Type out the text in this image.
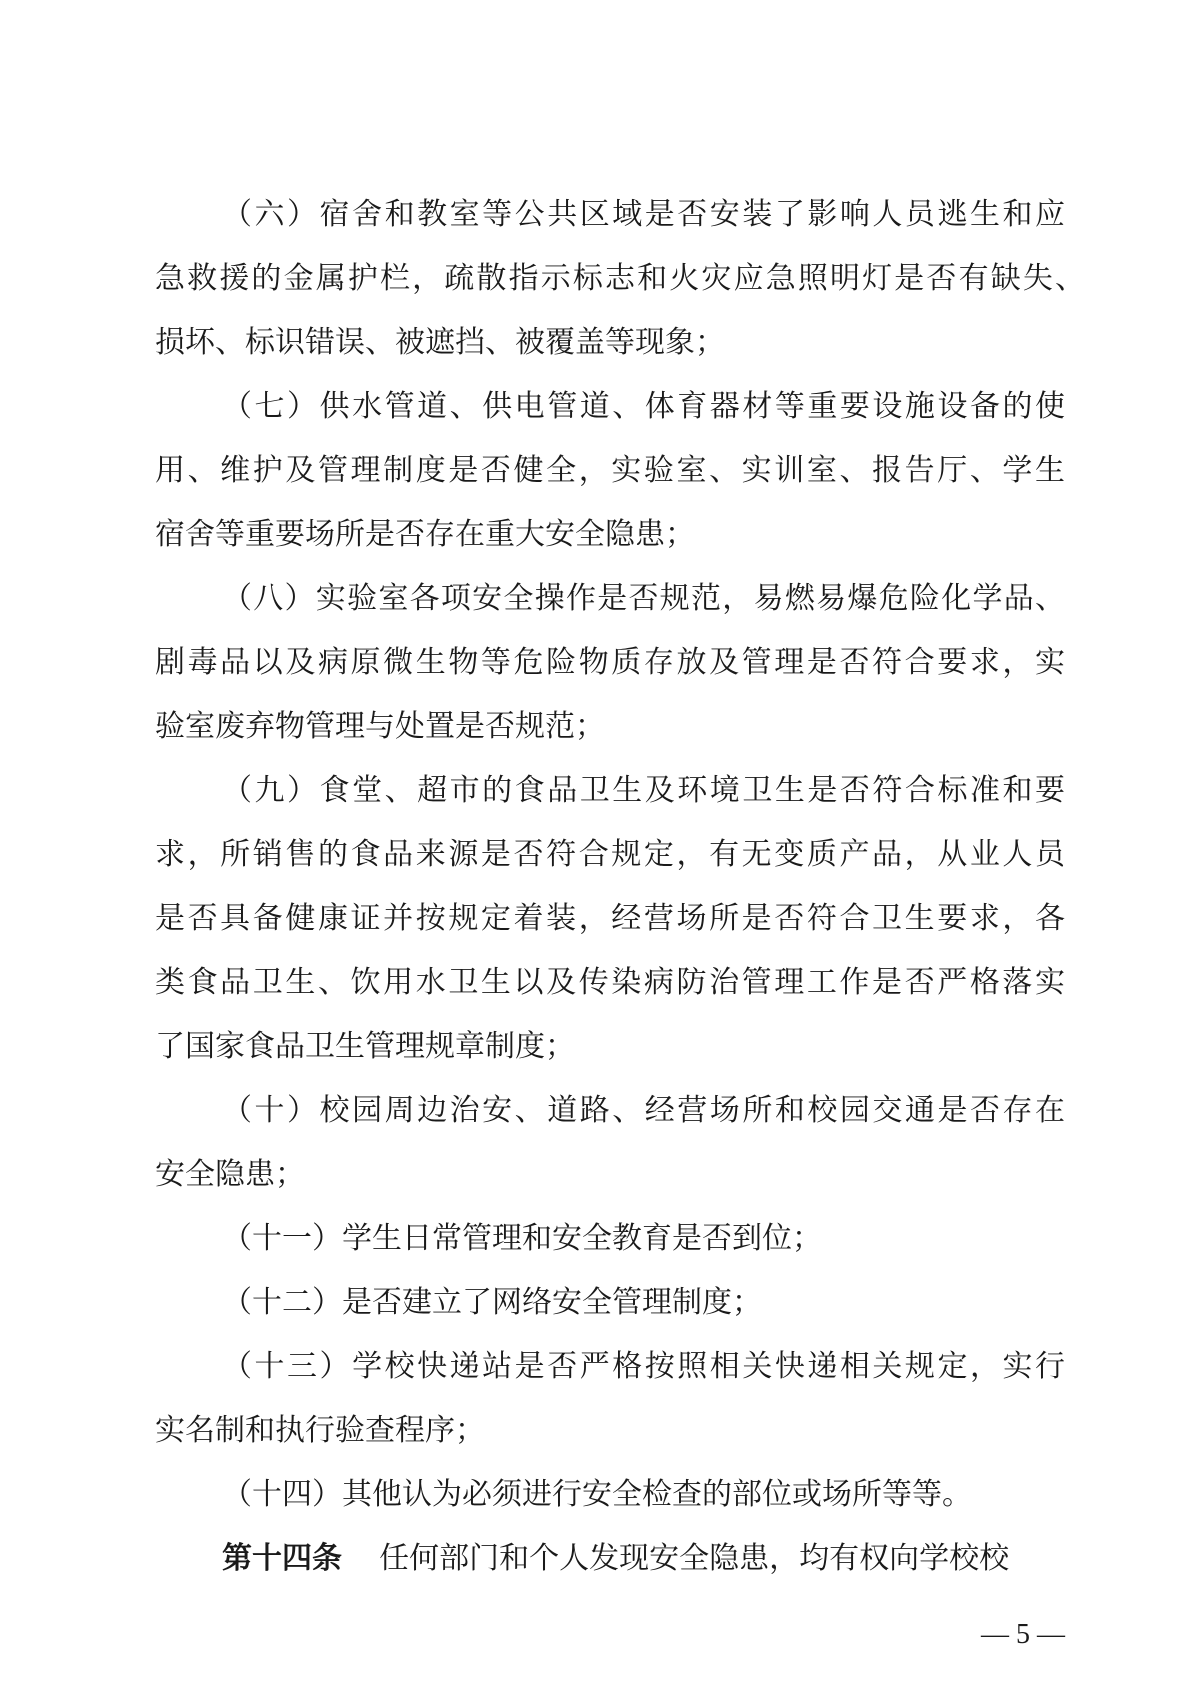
（六）宿舍和教室等公共区域是否安装了影响人员逃生和应
急救援的金属护栏，疏散指示标志和火灾应急照明灯是否有缺失、
损坏、标识错误、被遮挡、被覆盖等现象；
（七）供水管道、供电管道、体育器材等重要设施设备的使
用、维护及管理制度是否健全，实验室、实训室、报告厅、学生
宿舍等重要场所是否存在重大安全隐患；
（八）实验室各项安全操作是否规范，易燃易爆危险化学品、
剧毒品以及病原微生物等危险物质存放及管理是否符合要求，实
验室废弃物管理与处置是否规范；
（九）食堂、超市的食品卫生及环境卫生是否符合标准和要
求，所销售的食品来源是否符合规定，有无变质产品，从业人员
是否具备健康证并按规定着装，经营场所是否符合卫生要求，各
类食品卫生、饮用水卫生以及传染病防治管理工作是否严格落实
了国家食品卫生管理规章制度；
（十）校园周边治安、道路、经营场所和校园交通是否存在
安全隐患；
（十一）学生日常管理和安全教育是否到位；
（十二）是否建立了网络安全管理制度；
（十三）学校快递站是否严格按照相关快递相关规定，实行
实名制和执行验查程序；
（十四）其他认为必须进行安全检查的部位或场所等等。
第十四条 任何部门和个人发现安全隐患，均有权向学校校
— 5 —
